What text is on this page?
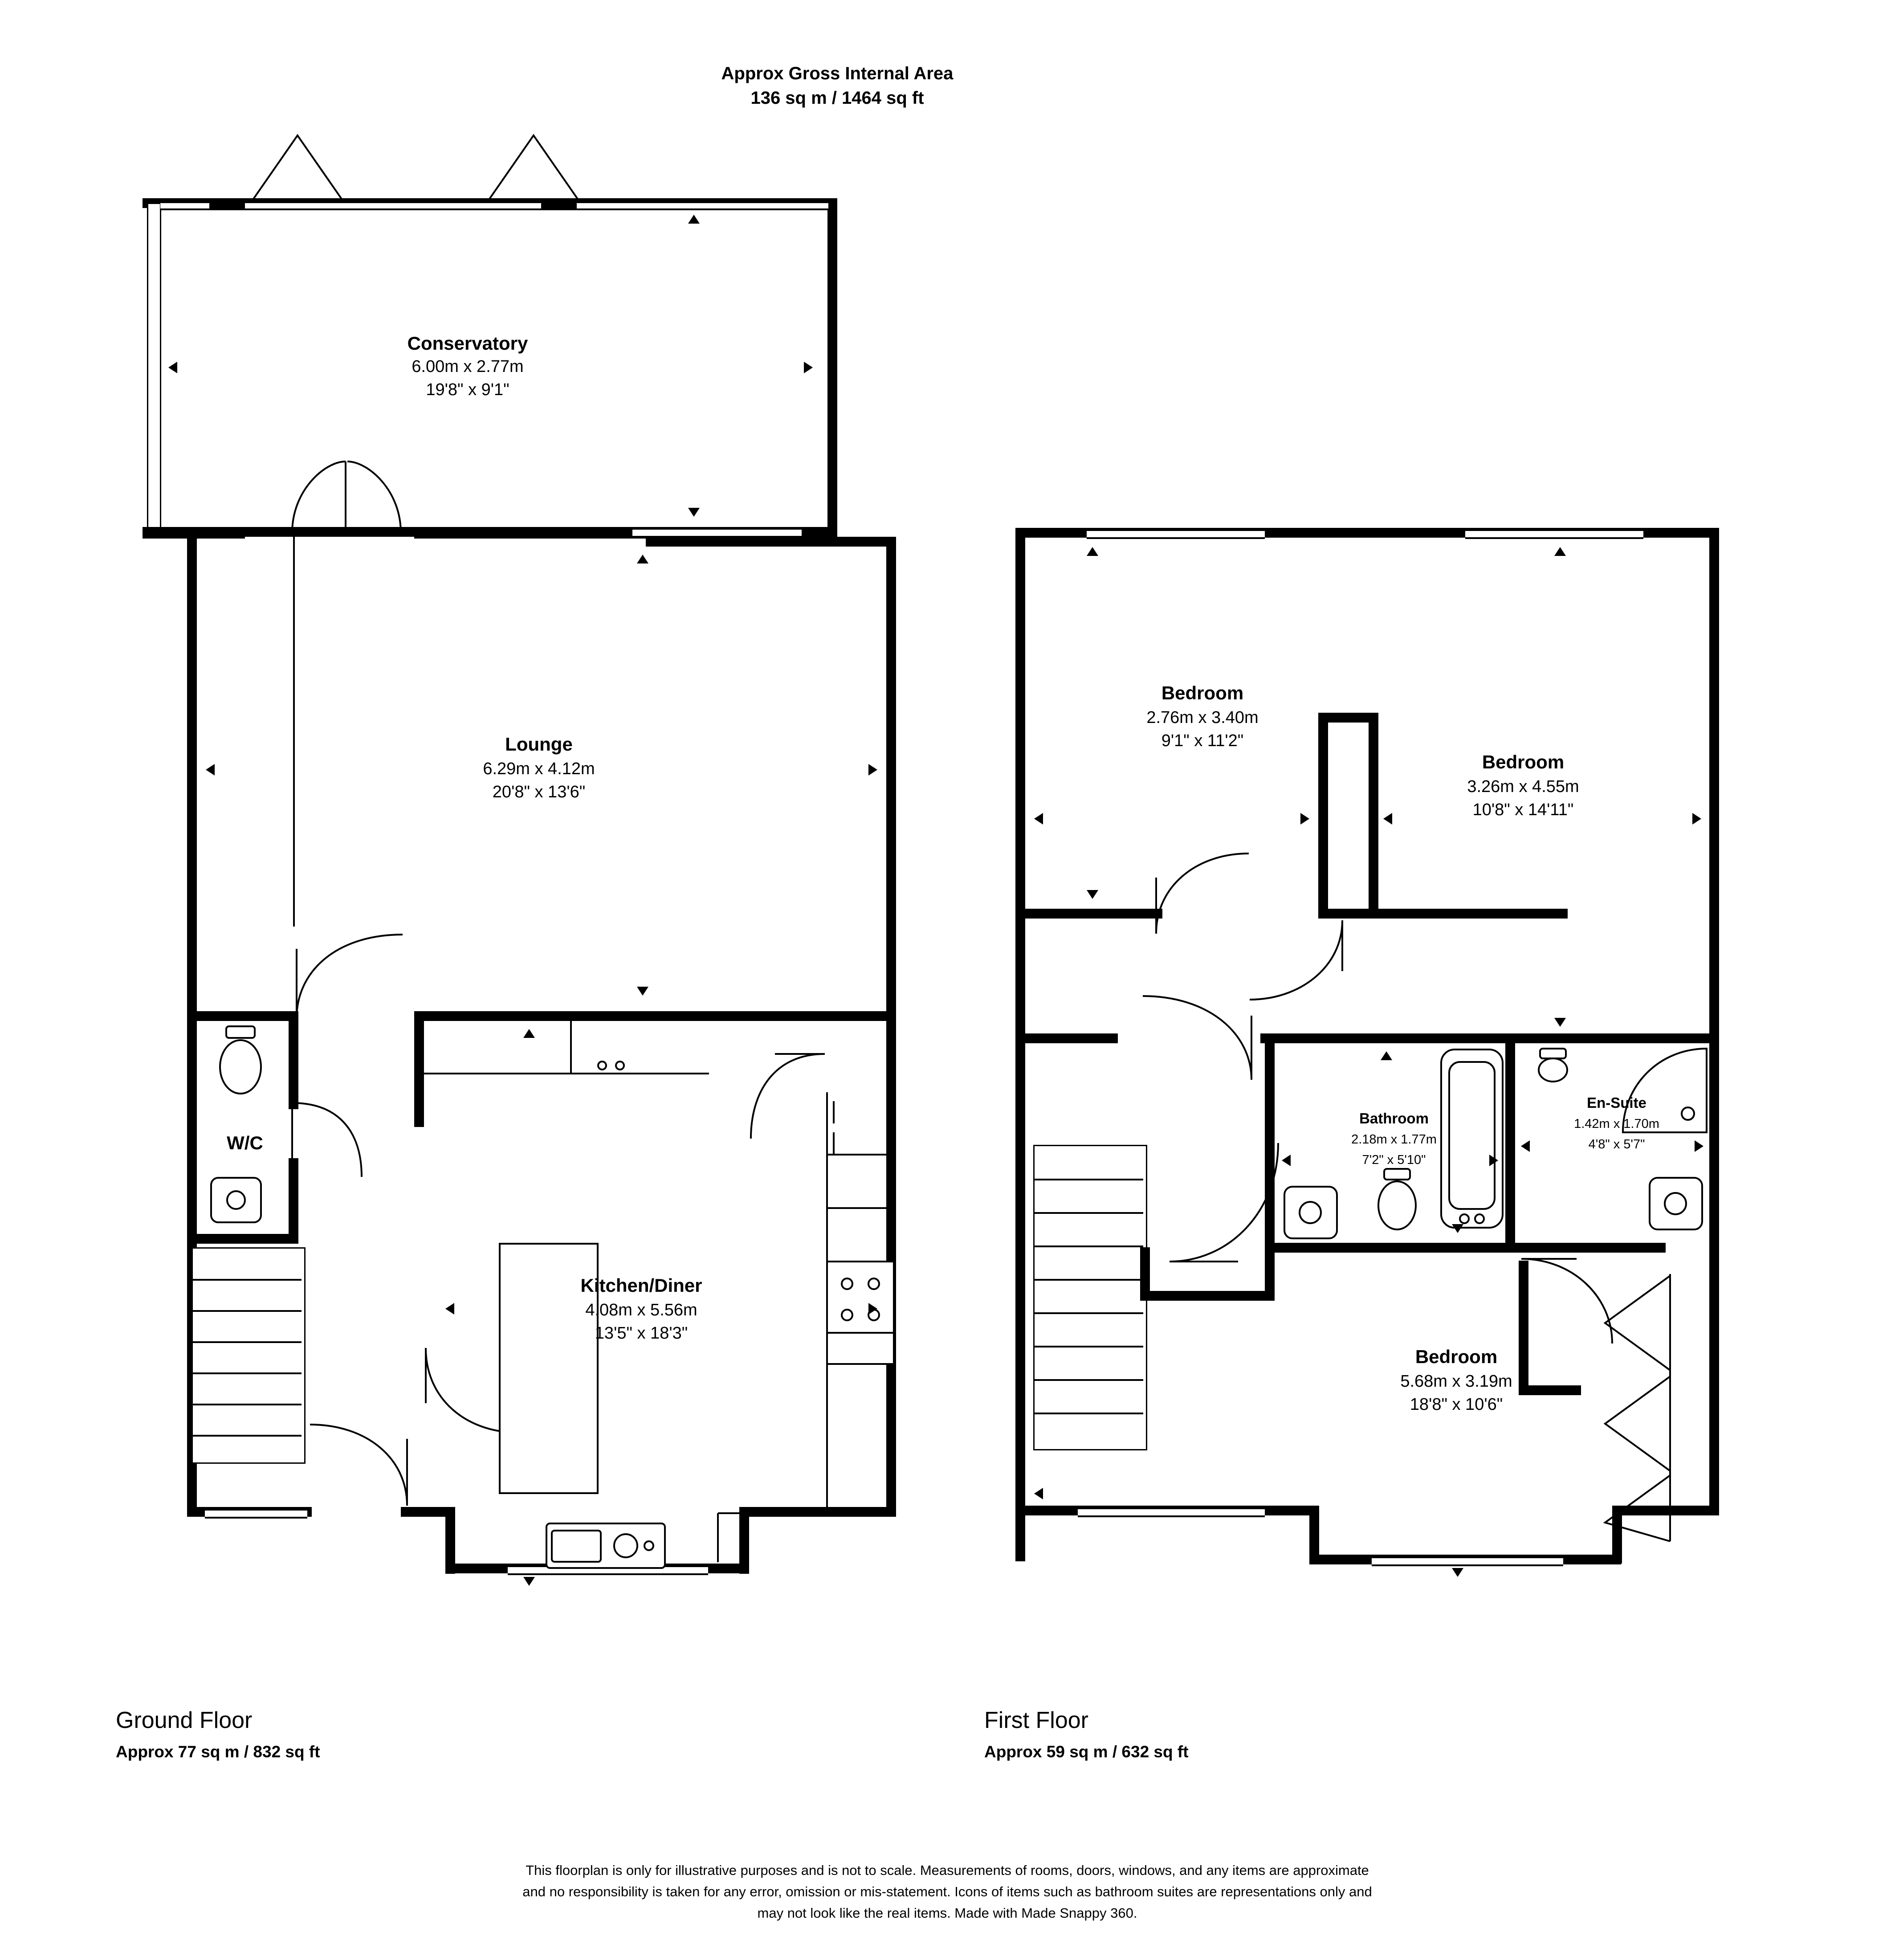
Approx Gross Internal Area
136 sq m / 1464 sq ft
Conservatory
6.00m x 2.77m
19'8" x 9'1"
W/C
Lounge
6.29m x 4.12m
20'8" x 13'6"
Kitchen/Diner
4.08m x 5.56m
13'5" x 18'3"
Ground Floor
Approx 77 sq m / 832 sq ft
Bedroom
2.76m x 3.40m
9'1" x 11'2"
Bedroom
3.26m x 4.55m
10'8" x 14'11"
Bathroom
2.18m x 1.77m
7'2" x 5'10"
En-Suite
1.42m x 1.70m
4'8" x 5'7"
Bedroom
5.68m x 3.19m
18'8" x 10'6"
First Floor
Approx 59 sq m / 632 sq ft
This floorplan is only for illustrative purposes and is not to scale. Measurements of rooms, doors, windows, and any items are approximate
and no responsibility is taken for any error, omission or mis-statement. Icons of items such as bathroom suites are representations only and
may not look like the real items. Made with Made Snappy 360.
